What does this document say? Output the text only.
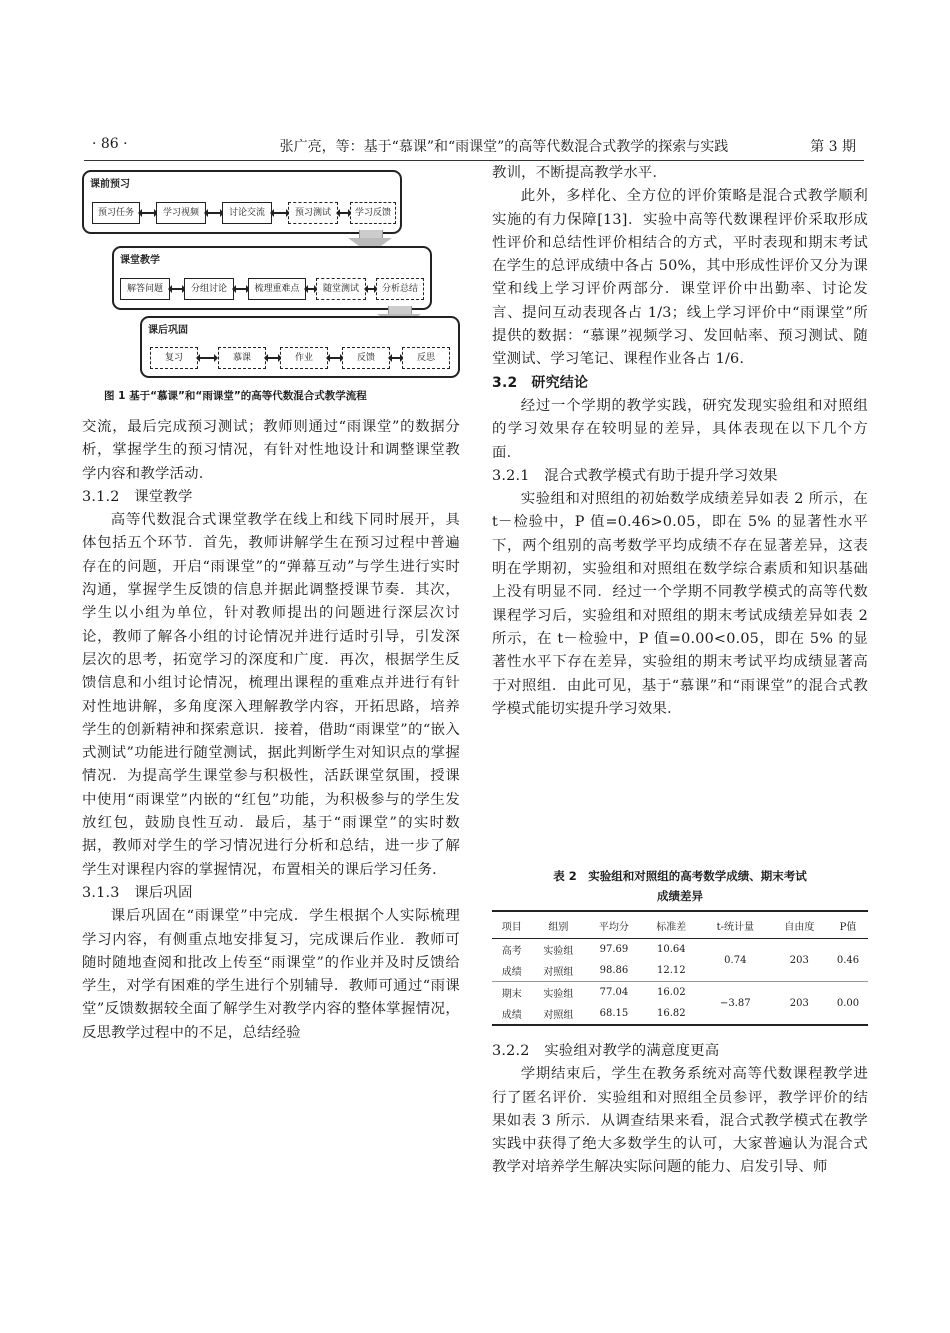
· 86 ·	张广亮，等：基于“慕课”和“雨课堂”的高等代数混合式教学的探索与实践	第 3 期
课前预习
预习任务	学习视频	讨论交流	预习测试	学习反馈
课堂教学
解答问题	分组讨论	梳理重难点	随堂测试	分析总结
课后巩固
复习	慕课	作业	反馈	反思
图 1 基于“慕课”和“雨课堂”的高等代数混合式教学流程

交流，最后完成预习测试；教师则通过“雨课堂”的数据分析，掌握学生的预习情况，有针对性地设计和调整课堂教学内容和教学活动．

3.1.2　课堂教学

高等代数混合式课堂教学在线上和线下同时展开，具体包括五个环节．首先，教师讲解学生在预习过程中普遍存在的问题，开启“雨课堂”的“弹幕互动”与学生进行实时沟通，掌握学生反馈的信息并据此调整授课节奏．其次，学生以小组为单位，针对教师提出的问题进行深层次讨论，教师了解各小组的讨论情况并进行适时引导，引发深层次的思考，拓宽学习的深度和广度．再次，根据学生反馈信息和小组讨论情况，梳理出课程的重难点并进行有针对性地讲解，多角度深入理解教学内容，开拓思路，培养学生的创新精神和探索意识．接着，借助“雨课堂”的“嵌入式测试”功能进行随堂测试，据此判断学生对知识点的掌握情况．为提高学生课堂参与积极性，活跃课堂氛围，授课中使用“雨课堂”内嵌的“红包”功能，为积极参与的学生发放红包，鼓励良性互动．最后，基于“雨课堂”的实时数据，教师对学生的学习情况进行分析和总结，进一步了解学生对课程内容的掌握情况，布置相关的课后学习任务．

3.1.3　课后巩固

课后巩固在“雨课堂”中完成．学生根据个人实际梳理学习内容，有侧重点地安排复习，完成课后作业．教师可随时随地查阅和批改上传至“雨课堂”的作业并及时反馈给学生，对学有困难的学生进行个别辅导．教师可通过“雨课堂”反馈数据较全面了解学生对教学内容的整体掌握情况，反思教学过程中的不足，总结经验

教训，不断提高教学水平．

此外，多样化、全方位的评价策略是混合式教学顺利实施的有力保障[13]．实验中高等代数课程评价采取形成性评价和总结性评价相结合的方式，平时表现和期末考试在学生的总评成绩中各占 50%，其中形成性评价又分为课堂和线上学习评价两部分．课堂评价中出勤率、讨论发言、提问互动表现各占 1/3；线上学习评价中“雨课堂”所提供的数据：“慕课”视频学习、发回帖率、预习测试、随堂测试、学习笔记、课程作业各占 1/6.

3.2 研究结论

经过一个学期的教学实践，研究发现实验组和对照组的学习效果存在较明显的差异，具体表现在以下几个方面．

3.2.1　混合式教学模式有助于提升学习效果

实验组和对照组的初始数学成绩差异如表 2 所示，在 t－检验中，P 值=0.46>0.05，即在 5% 的显著性水平下，两个组别的高考数学平均成绩不存在显著差异，这表明在学期初，实验组和对照组在数学综合素质和知识基础上没有明显不同．经过一个学期不同教学模式的高等代数课程学习后，实验组和对照组的期末考试成绩差异如表 2 所示，在 t－检验中，P 值=0.00<0.05，即在 5% 的显著性水平下存在差异，实验组的期末考试平均成绩显著高于对照组．由此可见，基于“慕课”和“雨课堂”的混合式教学模式能切实提升学习效果．

表 2　实验组和对照组的高考数学成绩、期末考试
成绩差异
项目	组别	平均分	标准差	t-统计量	自由度	P值
高考	实验组	97.69	10.64	0.74	203	0.46
成绩	对照组	98.86	12.12			
期末	实验组	77.04	16.02	−3.87	203	0.00
成绩	对照组	68.15	16.82			

3.2.2　实验组对教学的满意度更高

学期结束后，学生在教务系统对高等代数课程教学进行了匿名评价．实验组和对照组全员参评，教学评价的结果如表 3 所示．从调查结果来看，混合式教学模式在教学实践中获得了绝大多数学生的认可，大家普遍认为混合式教学对培养学生解决实际问题的能力、启发引导、师
